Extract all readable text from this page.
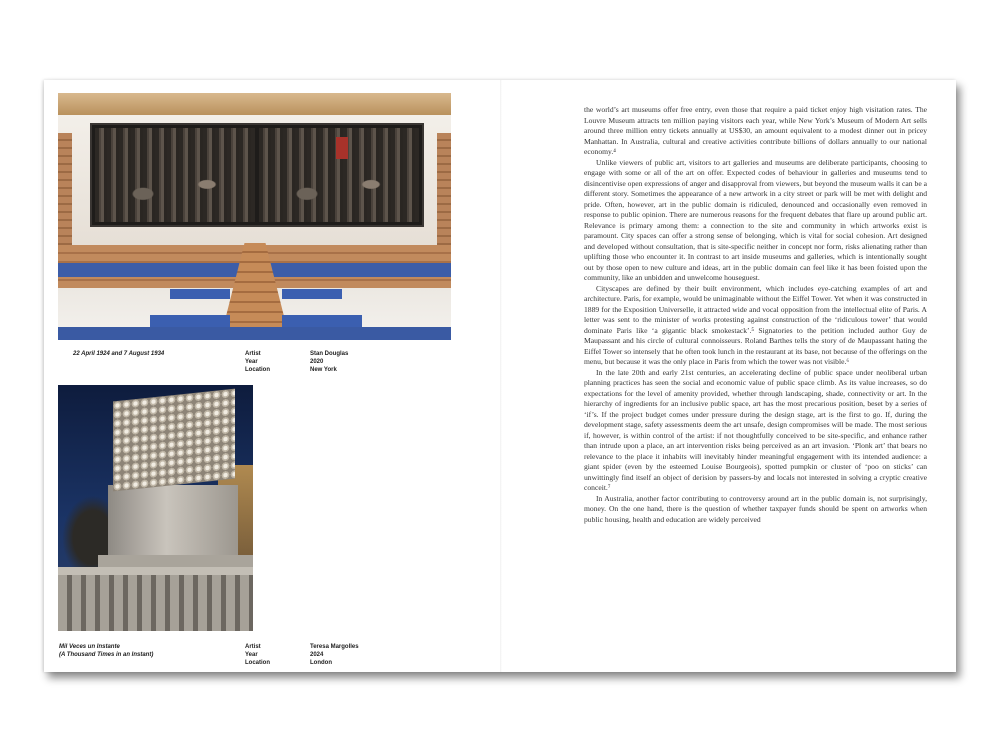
22 April 1924 and 7 August 1934	Artist
Year
Location
Stan Douglas
2020
New York
Mil Veces un Instante
(A Thousand Times in an Instant)
Artist
Year
Location
Teresa Margolles
2024
London

the world’s art museums offer free entry, even those that require a paid ticket enjoy high visitation rates. The Louvre Museum attracts ten million paying visitors each year, while New York’s Museum of Modern Art sells around three million entry tickets annually at US$30, an amount equivalent to a modest dinner out in pricey Manhattan. In Australia, cultural and creative activities contribute billions of dollars annually to our national economy.⁴

Unlike viewers of public art, visitors to art galleries and museums are deliberate participants, choosing to engage with some or all of the art on offer. Expected codes of behaviour in galleries and museums tend to disincentivise open expressions of anger and disapproval from viewers, but beyond the museum walls it can be a different story. Sometimes the appearance of a new artwork in a city street or park will be met with delight and pride. Often, however, art in the public domain is ridiculed, denounced and occasionally even removed in response to public opinion. There are numerous reasons for the frequent debates that flare up around public art. Relevance is primary among them: a connection to the site and community in which artworks exist is paramount. City spaces can offer a strong sense of belonging, which is vital for social cohesion. Art designed and developed without consultation, that is site-specific neither in concept nor form, risks alienating rather than uplifting those who encounter it. In contrast to art inside museums and galleries, which is intentionally sought out by those open to new culture and ideas, art in the public domain can feel like it has been foisted upon the community, like an unbidden and unwelcome houseguest.

Cityscapes are defined by their built environment, which includes eye-catching examples of art and architecture. Paris, for example, would be unimaginable without the Eiffel Tower. Yet when it was constructed in 1889 for the Exposition Universelle, it attracted wide and vocal opposition from the intellectual elite of Paris. A letter was sent to the minister of works protesting against construction of the ‘ridiculous tower’ that would dominate Paris like ‘a gigantic black smokestack’.⁵ Signatories to the petition included author Guy de Maupassant and his circle of cultural connoisseurs. Roland Barthes tells the story of de Maupassant hating the Eiffel Tower so intensely that he often took lunch in the restaurant at its base, not because of the offerings on the menu, but because it was the only place in Paris from which the tower was not visible.⁶

In the late 20th and early 21st centuries, an accelerating decline of public space under neoliberal urban planning practices has seen the social and economic value of public space climb. As its value increases, so do expectations for the level of amenity provided, whether through landscaping, shade, connectivity or art. In the hierarchy of ingredients for an inclusive public space, art has the most precarious position, beset by a series of ‘if’s. If the project budget comes under pressure during the design stage, art is the first to go. If, during the development stage, safety assessments deem the art unsafe, design compromises will be made. The most serious if, however, is within control of the artist: if not thoughtfully conceived to be site-specific, and enhance rather than intrude upon a place, an art intervention risks being perceived as an art invasion. ‘Plonk art’ that bears no relevance to the place it inhabits will inevitably hinder meaningful engagement with its intended audience: a giant spider (even by the esteemed Louise Bourgeois), spotted pumpkin or cluster of ‘poo on sticks’ can unwittingly find itself an object of derision by passers-by and locals not interested in solving a cryptic creative conceit.⁷

In Australia, another factor contributing to controversy around art in the public domain is, not surprisingly, money. On the one hand, there is the question of whether taxpayer funds should be spent on artworks when public housing, health and education are widely perceived
